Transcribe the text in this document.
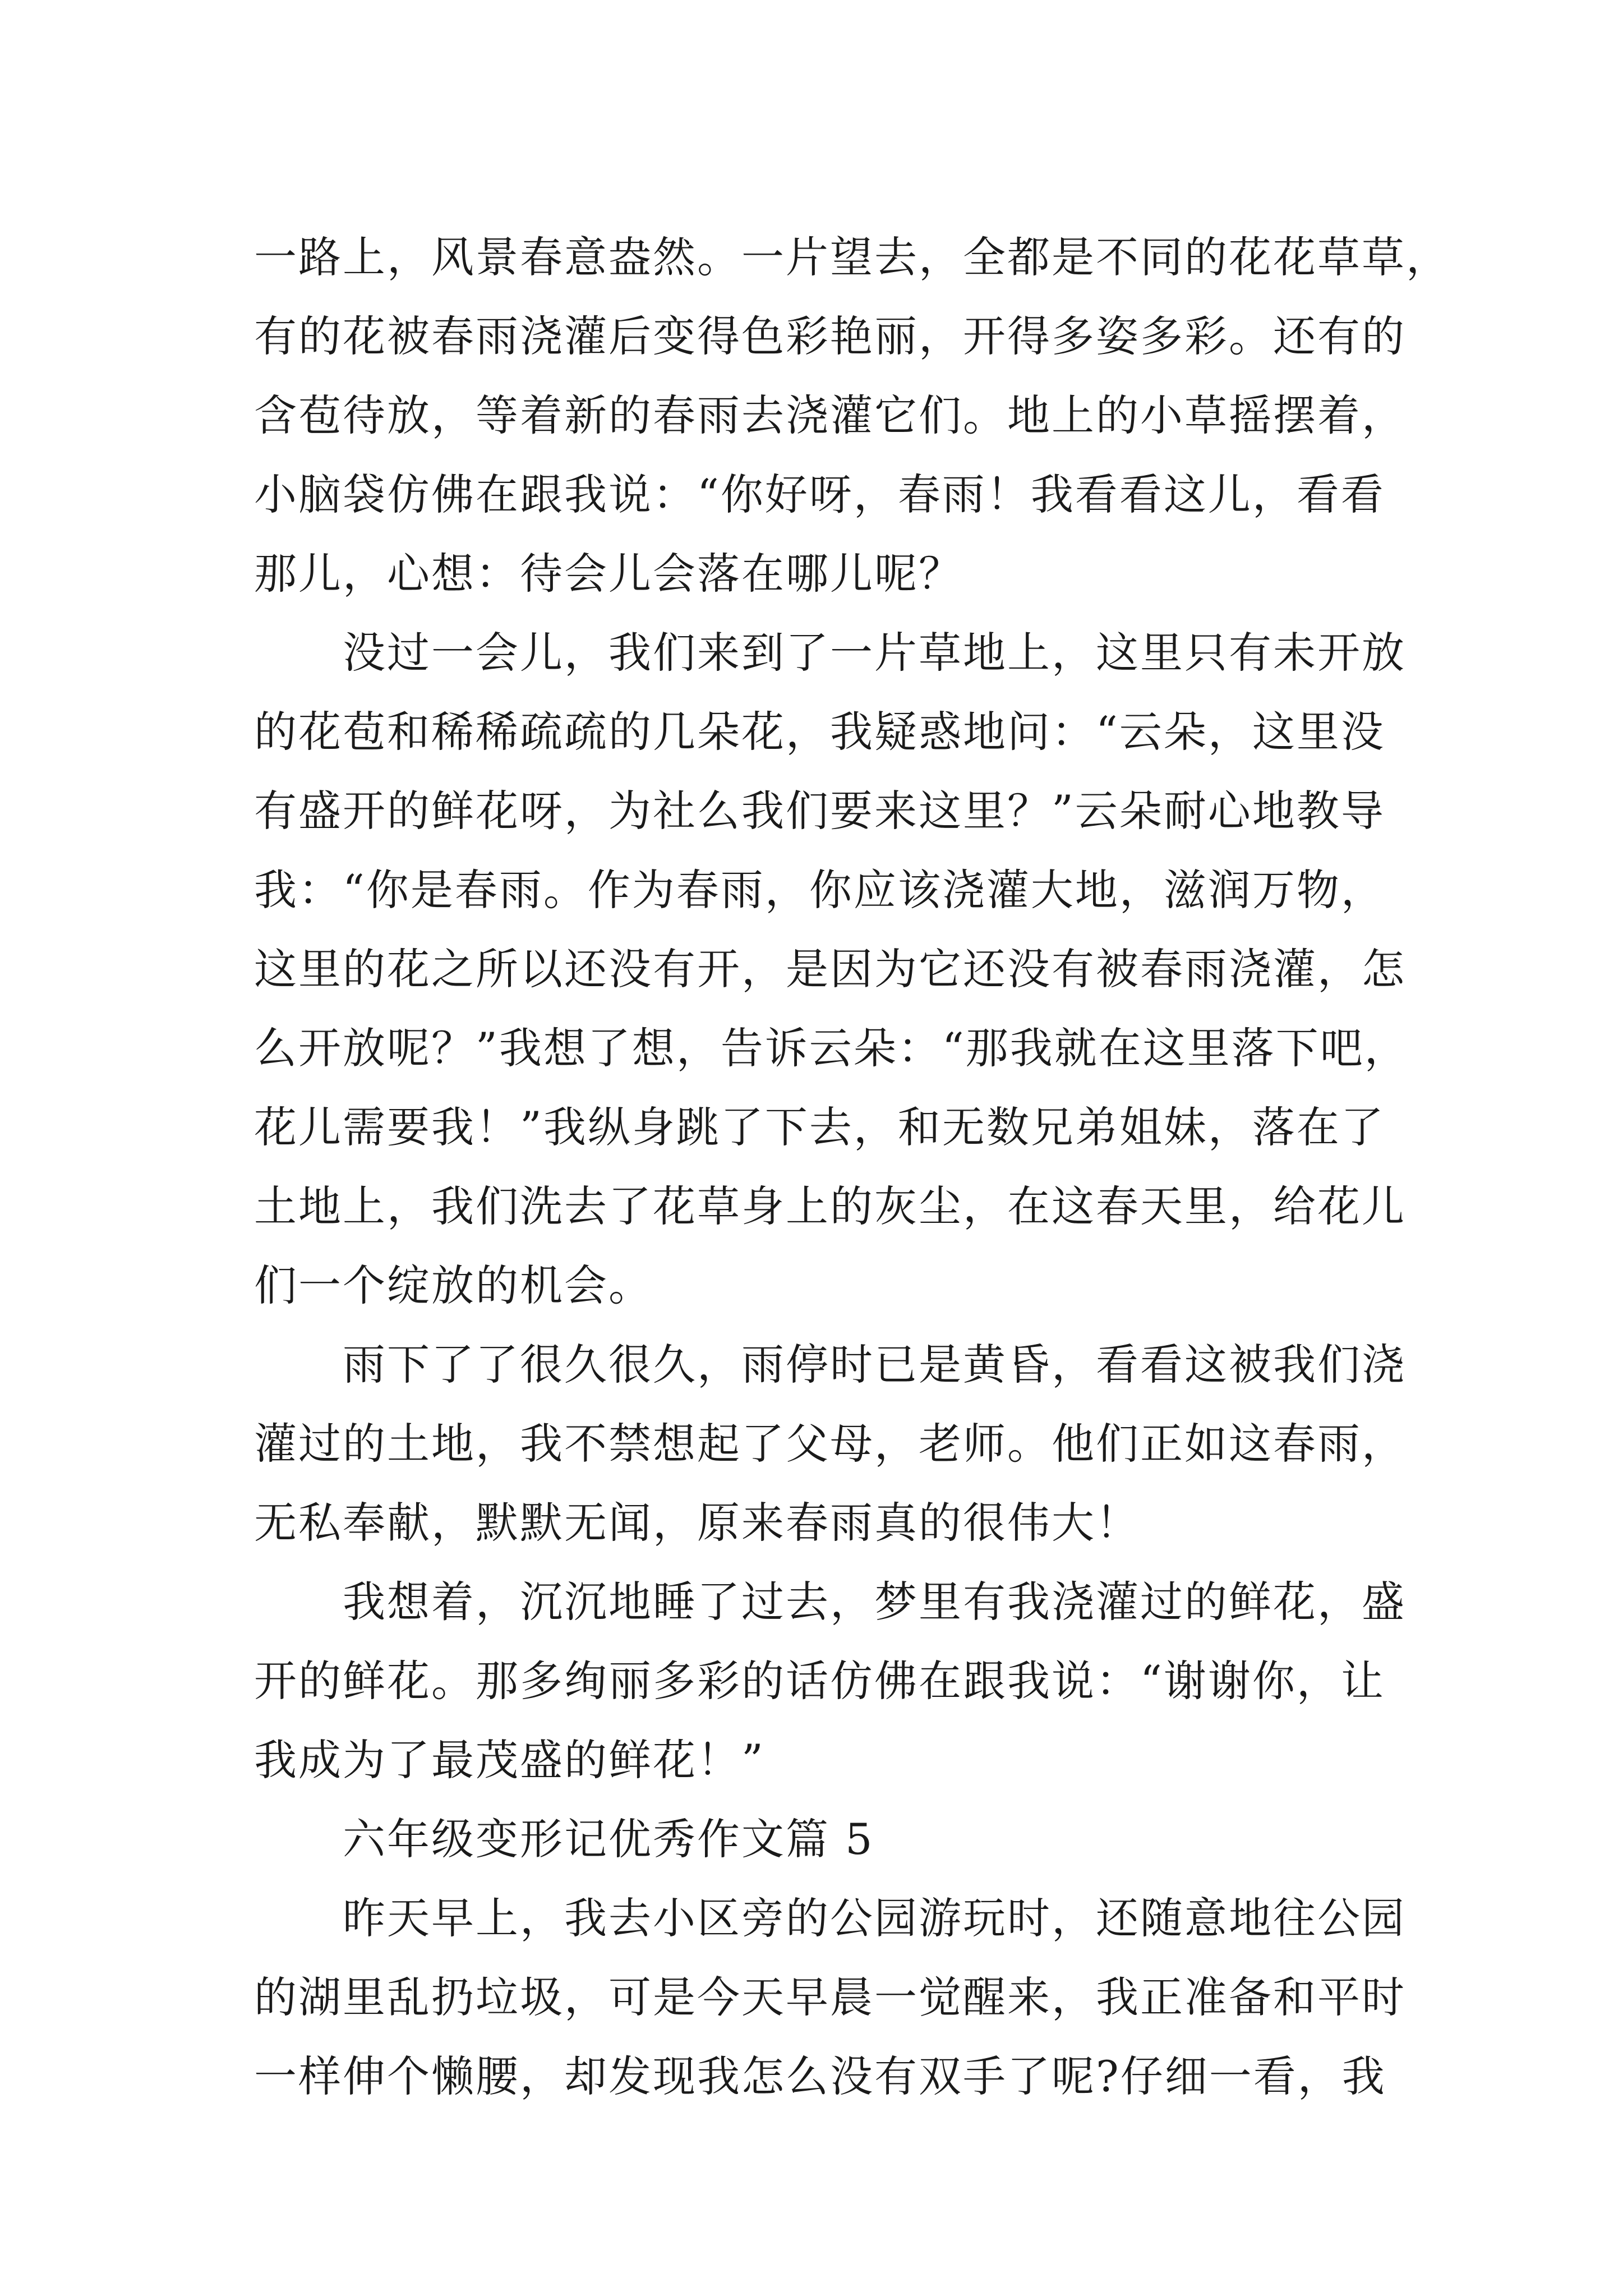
一路上，风景春意盎然。一片望去，全都是不同的花花草草，
有的花被春雨浇灌后变得色彩艳丽，开得多姿多彩。还有的
含苞待放，等着新的春雨去浇灌它们。地上的小草摇摆着，
小脑袋仿佛在跟我说：“你好呀，春雨！我看看这儿，看看
那儿，心想：待会儿会落在哪儿呢？
没过一会儿，我们来到了一片草地上，这里只有未开放
的花苞和稀稀疏疏的几朵花，我疑惑地问：“云朵，这里没
有盛开的鲜花呀，为社么我们要来这里？”云朵耐心地教导
我：“你是春雨。作为春雨，你应该浇灌大地，滋润万物，
这里的花之所以还没有开，是因为它还没有被春雨浇灌，怎
么开放呢？”我想了想，告诉云朵：“那我就在这里落下吧，
花儿需要我！”我纵身跳了下去，和无数兄弟姐妹，落在了
土地上，我们洗去了花草身上的灰尘，在这春天里，给花儿
们一个绽放的机会。
雨下了了很久很久，雨停时已是黄昏，看看这被我们浇
灌过的土地，我不禁想起了父母，老师。他们正如这春雨，
无私奉献，默默无闻，原来春雨真的很伟大！
我想着，沉沉地睡了过去，梦里有我浇灌过的鲜花，盛
开的鲜花。那多绚丽多彩的话仿佛在跟我说：“谢谢你，让
我成为了最茂盛的鲜花！”
六年级变形记优秀作文篇 5
昨天早上，我去小区旁的公园游玩时，还随意地往公园
的湖里乱扔垃圾，可是今天早晨一觉醒来，我正准备和平时
一样伸个懒腰，却发现我怎么没有双手了呢?仔细一看，我
